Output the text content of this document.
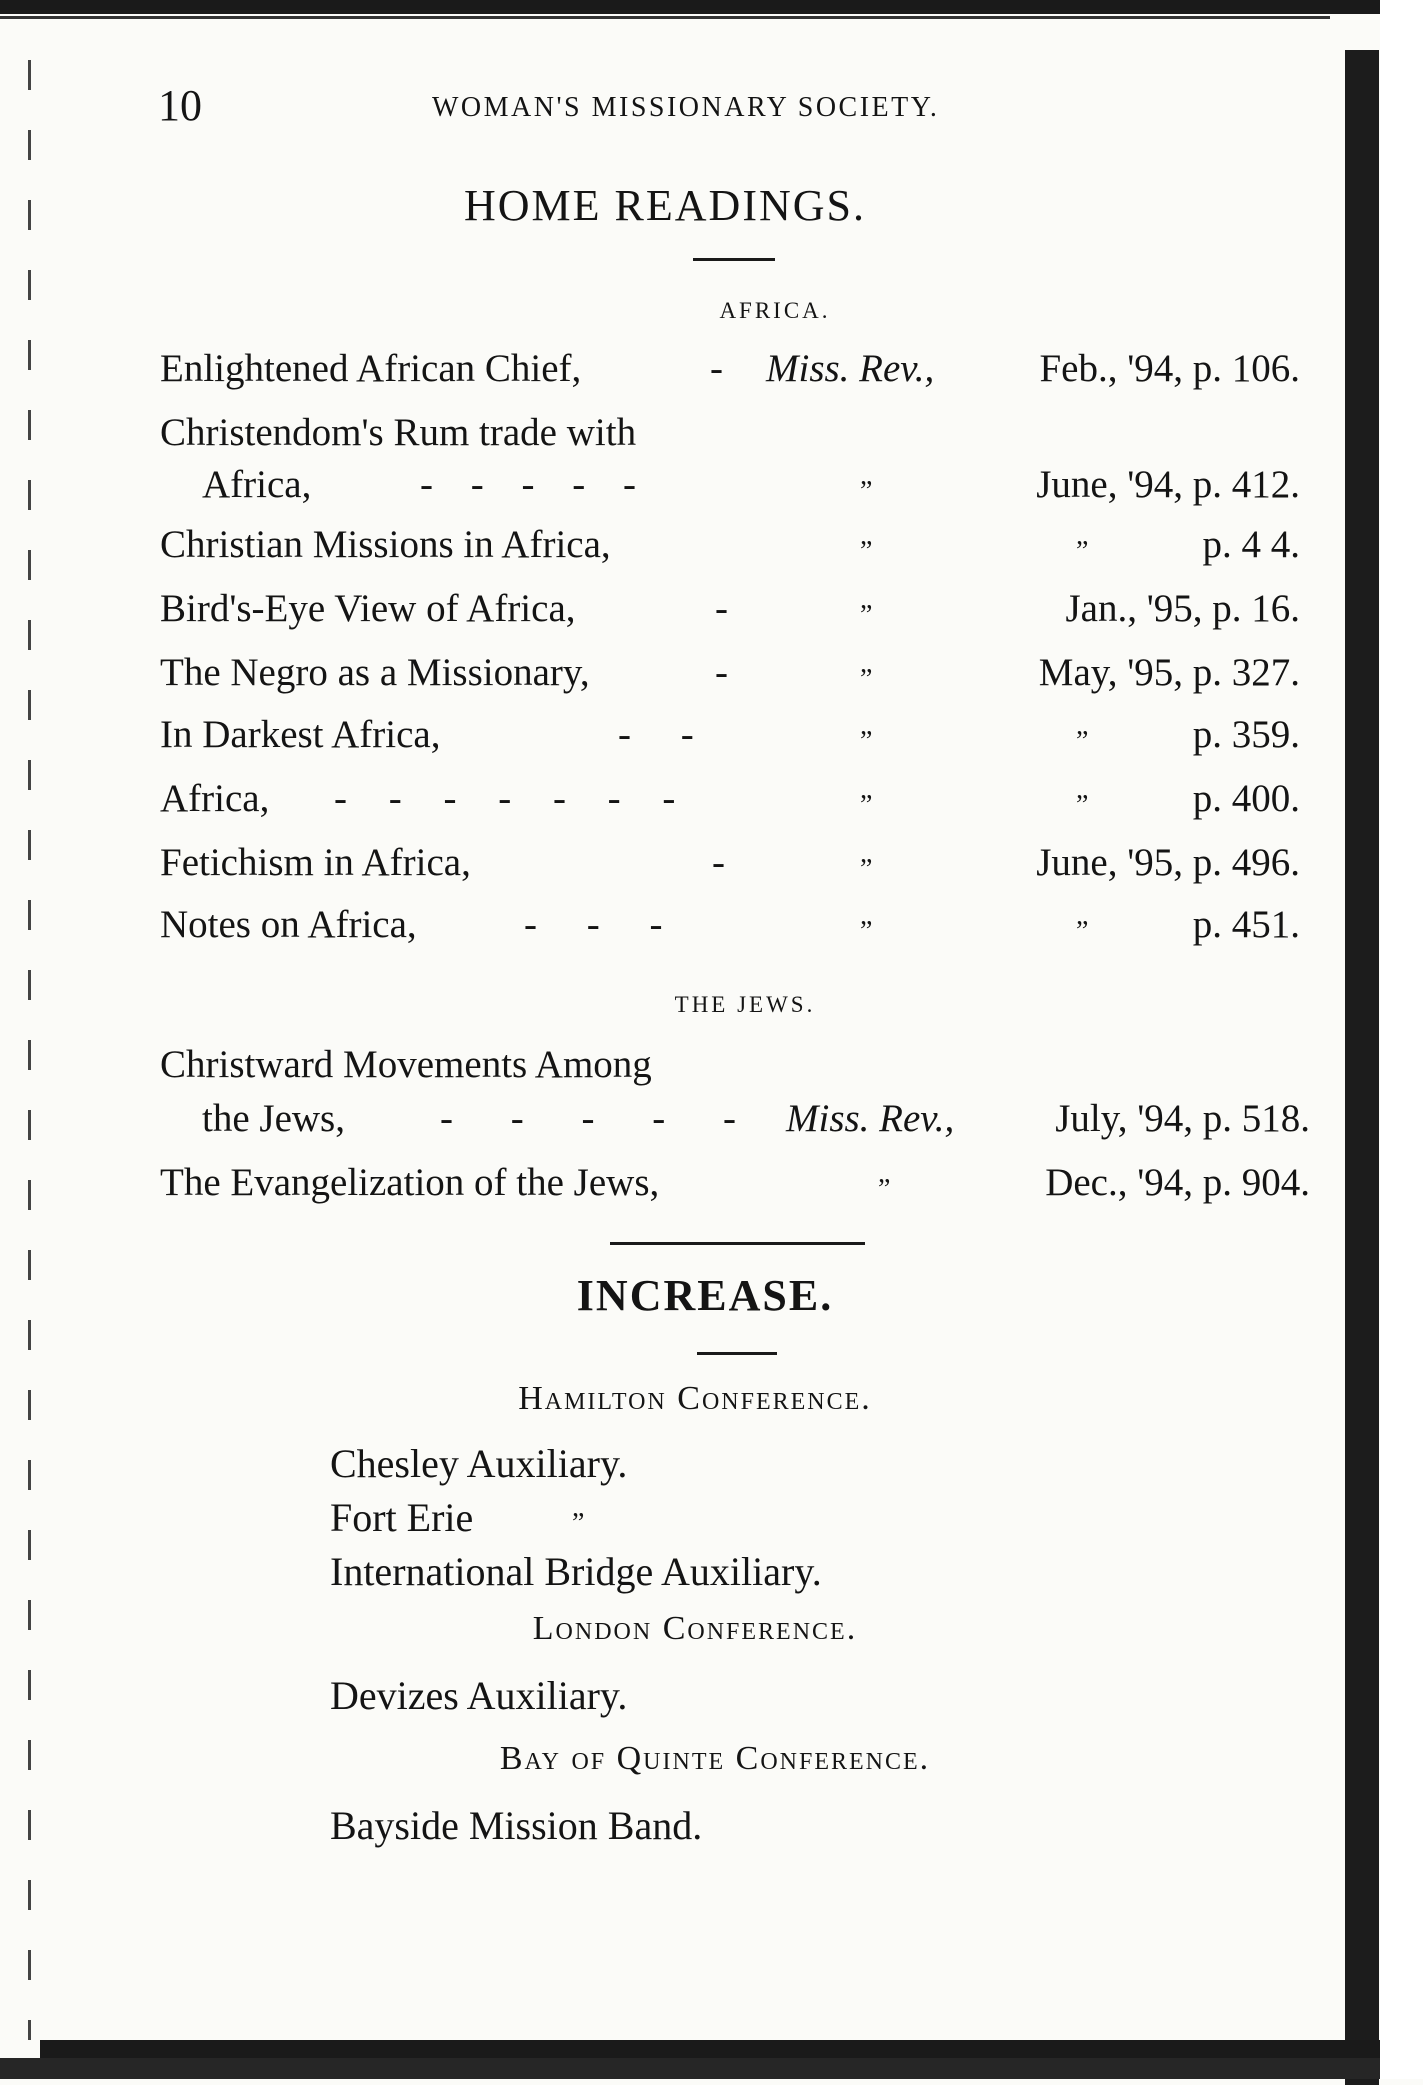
10	WOMAN'S MISSIONARY SOCIETY.
HOME READINGS.
AFRICA.
Enlightened African Chief,	- Miss. Rev.,	Feb., '94, p. 106.
Christendom's Rum trade with
Africa,	- - - - -	”	June, '94, p. 412.
Christian Missions in Africa,	”	”	p. 4 4.
Bird's-Eye View of Africa,	-	”	Jan., '95, p. 16.
The Negro as a Missionary,	-	”	May, '95, p. 327.
In Darkest Africa,	- -	”	”	p. 359.
Africa, - - - - - - -	”	”	p. 400.
Fetichism in Africa,	-	”	June, '95, p. 496.
Notes on Africa,	- - -	”	”	p. 451.
THE JEWS.
Christward Movements Among
the Jews, - - - - - Miss. Rev.,	July, '94, p. 518.
The Evangelization of the Jews,	”	Dec., '94, p. 904.
INCREASE.
Hamilton Conference.
Chesley Auxiliary.
Fort Erie	”
International Bridge Auxiliary.
London Conference.
Devizes Auxiliary.
Bay of Quinte Conference.
Bayside Mission Band.
